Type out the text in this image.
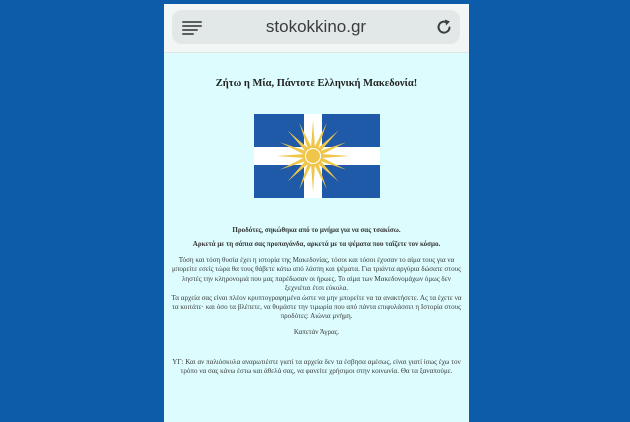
stokokkino.gr
Ζήτω η Μία, Πάντοτε Ελληνική Μακεδονία!
Προδότες, σηκώθηκα από το μνήμα για να σας τσακίσω.
Αρκετά με τη σάπια σας προπαγάνδα, αρκετά με τα ψέματα που ταΐζετε τον κόσμο.
Τόση και τόση θυσία έχει η ιστορία της Μακεδονίας, τόσοι και τόσοι έχυσαν το αίμα τους για να μπορείτε εσείς τώρα θα τους θάβετε κάτω από λάσπη και ψέματα. Για τριάντα αργύρια δώσατε στους ληστές την κληρονομιά που μας παρέδωσαν οι ήρωες. Το αίμα των Μακεδονομάχων όμως δεν ξεχνιέται έτσι εύκολα.
Τα αρχεία σας είναι πλέον κρυπτογραφημένα ώστε να μην μπορείτε να τα ανακτήσετε. Ας τα έχετε να τα κοιτάτε· και όσο τα βλέπετε, να θυμάστε την τιμωρία που από πάντα επιφυλάσσει η Ιστορία στους προδότες: Αιώνια μνήμη.
Καπετάν Άγρας.
ΥΓ: Και αν παλιόσκυλα αναρωτιέστε γιατί τα αρχεία δεν τα έσβησα αμέσως, είναι γιατί ίσως έχω τον τρόπο να σας κάνω έστω και άθελά σας, να φανείτε χρήσιμοι στην κοινωνία. Θα τα ξαναπούμε.
